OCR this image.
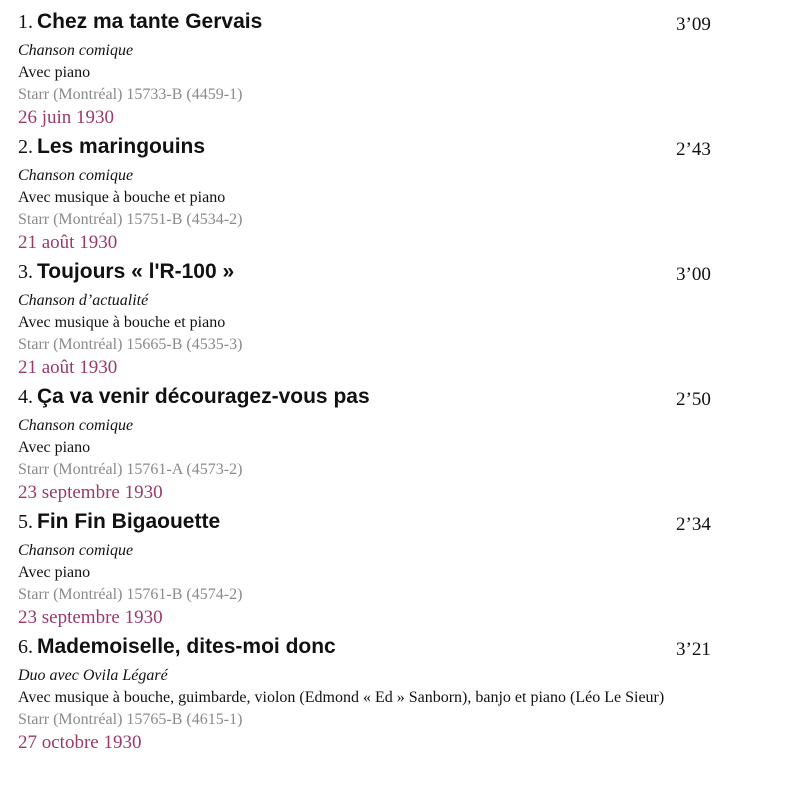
1. Chez ma tante Gervais	3’09
Chanson comique
Avec piano
Starr (Montréal) 15733-B (4459-1)
26 juin 1930
2. Les maringouins	2’43
Chanson comique
Avec musique à bouche et piano
Starr (Montréal) 15751-B (4534-2)
21 août 1930
3. Toujours « l'R-100 »	3’00
Chanson d’actualité
Avec musique à bouche et piano
Starr (Montréal) 15665-B (4535-3)
21 août 1930
4. Ça va venir découragez-vous pas	2’50
Chanson comique
Avec piano
Starr (Montréal) 15761-A (4573-2)
23 septembre 1930
5. Fin Fin Bigaouette	2’34
Chanson comique
Avec piano
Starr (Montréal) 15761-B (4574-2)
23 septembre 1930
6. Mademoiselle, dites-moi donc	3’21
Duo avec Ovila Légaré
Avec musique à bouche, guimbarde, violon (Edmond « Ed » Sanborn), banjo et piano (Léo Le Sieur)
Starr (Montréal) 15765-B (4615-1)
27 octobre 1930
